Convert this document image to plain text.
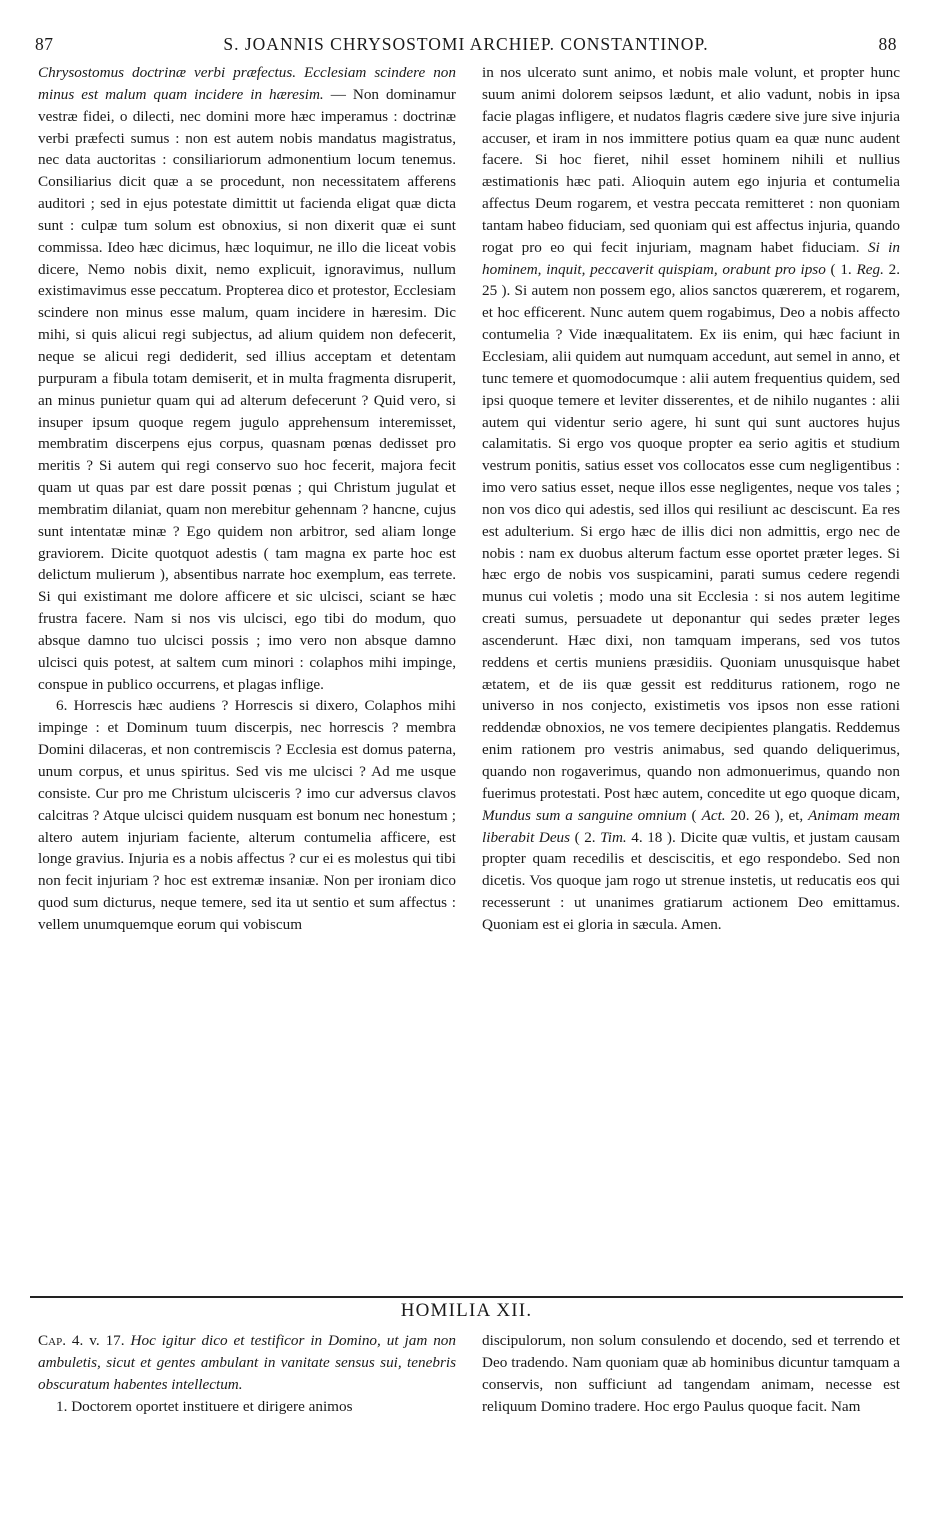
87	S. JOANNIS CHRYSOSTOMI ARCHIEP. CONSTANTINOP.	88

Chrysostomus doctrinæ verbi præfectus. Ecclesiam scindere non minus est malum quam incidere in hæresim. — Non dominamur vestræ fidei, o dilecti, nec domini more hæc imperamus : doctrinæ verbi præfecti sumus : non est autem nobis mandatus magistratus, nec data auctoritas : consiliariorum admonentium locum tenemus. Consiliarius dicit quæ a se procedunt, non necessitatem afferens auditori ; sed in ejus potestate dimittit ut facienda eligat quæ dicta sunt : culpæ tum solum est obnoxius, si non dixerit quæ ei sunt commissa. Ideo hæc dicimus, hæc loquimur, ne illo die liceat vobis dicere, Nemo nobis dixit, nemo explicuit, ignoravimus, nullum existimavimus esse peccatum. Propterea dico et protestor, Ecclesiam scindere non minus esse malum, quam incidere in hæresim. Dic mihi, si quis alicui regi subjectus, ad alium quidem non defecerit, neque se alicui regi dediderit, sed illius acceptam et detentam purpuram a fibula totam demiserit, et in multa fragmenta disruperit, an minus punietur quam qui ad alterum defecerunt ? Quid vero, si insuper ipsum quoque regem jugulo apprehensum interemisset, membratim discerpens ejus corpus, quasnam pœnas dedisset pro meritis ? Si autem qui regi conservo suo hoc fecerit, majora fecit quam ut quas par est dare possit pœnas ; qui Christum jugulat et membratim dilaniat, quam non merebitur gehennam ? hancne, cujus sunt intentatæ minæ ? Ego quidem non arbitror, sed aliam longe graviorem. Dicite quotquot adestis ( tam magna ex parte hoc est delictum mulierum ), absentibus narrate hoc exemplum, eas terrete. Si qui existimant me dolore afficere et sic ulcisci, sciant se hæc frustra facere. Nam si nos vis ulcisci, ego tibi do modum, quo absque damno tuo ulcisci possis ; imo vero non absque damno ulcisci quis potest, at saltem cum minori : colaphos mihi impinge, conspue in publico occurrens, et plagas infligе.

6. Horrescis hæc audiens ? Horrescis si dixero, Colaphos mihi impinge : et Dominum tuum discerpis, nec horrescis ? membra Domini dilaceras, et non contremiscis ? Ecclesia est domus paterna, unum corpus, et unus spiritus. Sed vis me ulcisci ? Ad me usque consiste. Cur pro me Christum ulcisceris ? imo cur adversus clavos calcitras ? Atque ulcisci quidem nusquam est bonum nec honestum ; altero autem injuriam faciente, alterum contumelia afficere, est longe gravius. Injuria es a nobis affectus ? cur ei es molestus qui tibi non fecit injuriam ? hoc est extremæ insaniæ. Non per ironiam dico quod sum dicturus, neque temere, sed ita ut sentio et sum affectus : vellem unumquemque eorum qui vobiscum

in nos ulcerato sunt animo, et nobis male volunt, et propter hunc suum animi dolorem seipsos lædunt, et alio vadunt, nobis in ipsa facie plagas infligere, et nudatos flagris cædere sive jure sive injuria accuser, et iram in nos immittere potius quam ea quæ nunc audent facere. Si hoc fieret, nihil esset hominem nihili et nullius æstimationis hæc pati. Alioquin autem ego injuria et contumelia affectus Deum rogarem, et vestra peccata remitteret : non quoniam tantam habeo fiduciam, sed quoniam qui est affectus injuria, quando rogat pro eo qui fecit injuriam, magnam habet fiduciam. Si in hominem, inquit, peccaverit quispiam, orabunt pro ipso ( 1. Reg. 2. 25 ). Si autem non possem ego, alios sanctos quærerem, et rogarem, et hoc efficerent. Nunc autem quem rogabimus, Deo a nobis affecto contumelia ? Vide inæqualitatem. Ex iis enim, qui hæc faciunt in Ecclesiam, alii quidem aut numquam accedunt, aut semel in anno, et tunc temere et quomodocumque : alii autem frequentius quidem, sed ipsi quoque temere et leviter disserentes, et de nihilo nugantes : alii autem qui videntur serio agere, hi sunt qui sunt auctores hujus calamitatis. Si ergo vos quoque propter ea serio agitis et studium vestrum ponitis, satius esset vos collocatos esse cum negligentibus : imo vero satius esset, neque illos esse negligentes, neque vos tales ; non vos dico qui adestis, sed illos qui resiliunt ac desciscunt. Ea res est adulterium. Si ergo hæc de illis dici non admittis, ergo nec de nobis : nam ex duobus alterum factum esse oportet præter leges. Si hæc ergo de nobis vos suspicamini, parati sumus cedere regendi munus cui voletis ; modo una sit Ecclesia : si nos autem legitime creati sumus, persuadete ut deponantur qui sedes præter leges ascenderunt. Hæc dixi, non tamquam imperans, sed vos tutos reddens et certis muniens præsidiis. Quoniam unusquisque habet ætatem, et de iis quæ gessit est redditurus rationem, rogo ne universo in nos conjecto, existimetis vos ipsos non esse rationi reddendæ obnoxios, ne vos temere decipientes plangatis. Reddemus enim rationem pro vestris animabus, sed quando deliquerimus, quando non rogaverimus, quando non admonuerimus, quando non fuerimus protestati. Post hæc autem, concedite ut ego quoque dicam, Mundus sum a sanguine omnium ( Act. 20. 26 ), et, Animam meam liberabit Deus ( 2. Tim. 4. 18 ). Dicite quæ vultis, et justam causam propter quam recedilis et desciscitis, et ego respondebo. Sed non dicetis. Vos quoque jam rogo ut strenue instetis, ut reducatis eos qui recesserunt : ut unanimes gratiarum actionem Deo emittamus. Quoniam est ei gloria in sæcula. Amen.

HOMILIA XII.

Cap. 4. v. 17. Hoc igitur dico et testificor in Domino, ut jam non ambuletis, sicut et gentes ambulant in vanitate sensus sui, tenebris obscuratum habentes intellectum.

1. Doctorem oportet instituere et dirigere animos

discipulorum, non solum consulendo et docendo, sed et terrendo et Deo tradendo. Nam quoniam quæ ab hominibus dicuntur tamquam a conservis, non sufficiunt ad tangendam animam, necesse est reliquum Domino tradere. Hoc ergo Paulus quoque facit. Nam
